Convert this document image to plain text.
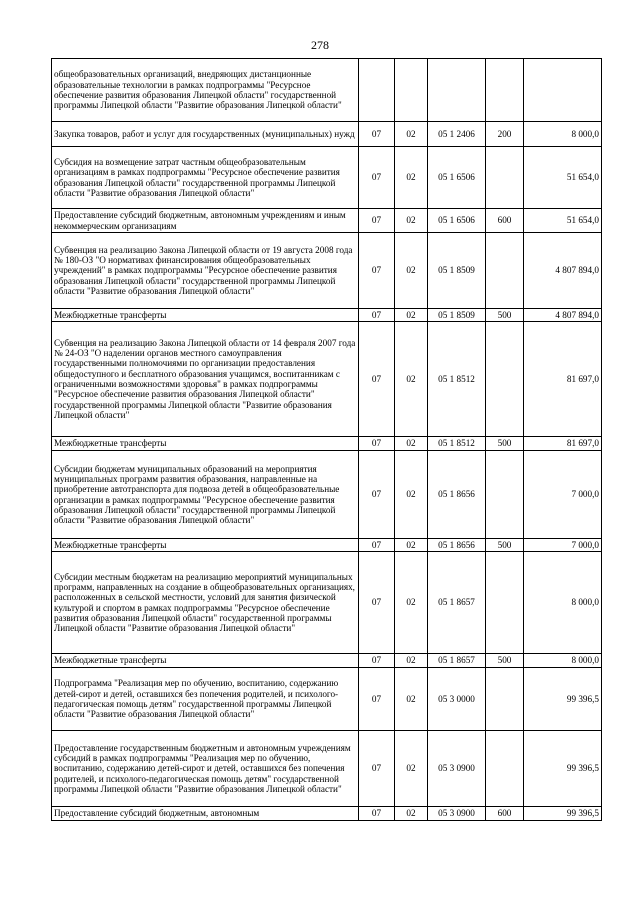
278
общеобразовательных организаций, внедряющих дистанционные образовательные технологии в рамках подпрограммы "Ресурсное обеспечение развития образования Липецкой области" государственной программы Липецкой области "Развитие образования Липецкой области"					
Закупка товаров, работ и услуг для государственных (муниципальных) нужд	07	02	05 1 2406	200	8 000,0
Субсидия на возмещение затрат частным общеобразовательным организациям в рамках подпрограммы "Ресурсное обеспечение развития образования Липецкой области" государственной программы Липецкой области "Развитие образования Липецкой области"	07	02	05 1 6506		51 654,0
Предоставление субсидий бюджетным, автономным учреждениям и иным некоммерческим организациям	07	02	05 1 6506	600	51 654,0
Субвенция на реализацию Закона Липецкой области от 19 августа 2008 года № 180-ОЗ "О нормативах финансирования общеобразовательных учреждений" в рамках подпрограммы "Ресурсное обеспечение развития образования Липецкой области" государственной программы Липецкой области "Развитие образования Липецкой области"	07	02	05 1 8509		4 807 894,0
Межбюджетные трансферты	07	02	05 1 8509	500	4 807 894,0
Субвенция на реализацию Закона Липецкой области от 14 февраля 2007 года № 24-ОЗ "О наделении органов местного самоуправления государственными полномочиями по организации предоставления общедоступного и бесплатного образования учащимся, воспитанникам с ограниченными возможностями здоровья" в рамках подпрограммы "Ресурсное обеспечение развития образования Липецкой области" государственной программы Липецкой области "Развитие образования Липецкой области"	07	02	05 1 8512		81 697,0
Межбюджетные трансферты	07	02	05 1 8512	500	81 697,0
Субсидии бюджетам муниципальных образований на мероприятия муниципальных программ развития образования, направленные на приобретение автотранспорта для подвоза детей в общеобразовательные организации в рамках подпрограммы "Ресурсное обеспечение развития образования Липецкой области" государственной программы Липецкой области "Развитие образования Липецкой области"	07	02	05 1 8656		7 000,0
Межбюджетные трансферты	07	02	05 1 8656	500	7 000,0
Субсидии местным бюджетам на реализацию мероприятий муниципальных программ, направленных на создание в общеобразовательных организациях, расположенных в сельской местности, условий для занятия физической культурой и спортом в рамках подпрограммы "Ресурсное обеспечение развития образования Липецкой области" государственной программы Липецкой области "Развитие образования Липецкой области"	07	02	05 1 8657		8 000,0
Межбюджетные трансферты	07	02	05 1 8657	500	8 000,0
Подпрограмма "Реализация мер по обучению, воспитанию, содержанию детей-сирот и детей, оставшихся без попечения родителей, и психолого-педагогическая помощь детям" государственной программы Липецкой области "Развитие образования Липецкой области"	07	02	05 3 0000		99 396,5
Предоставление государственным бюджетным и автономным учреждениям субсидий в рамках подпрограммы "Реализация мер по обучению, воспитанию, содержанию детей-сирот и детей, оставшихся без попечения родителей, и психолого-педагогическая помощь детям" государственной программы Липецкой области "Развитие образования Липецкой области"	07	02	05 3 0900		99 396,5
Предоставление субсидий бюджетным, автономным	07	02	05 3 0900	600	99 396,5
